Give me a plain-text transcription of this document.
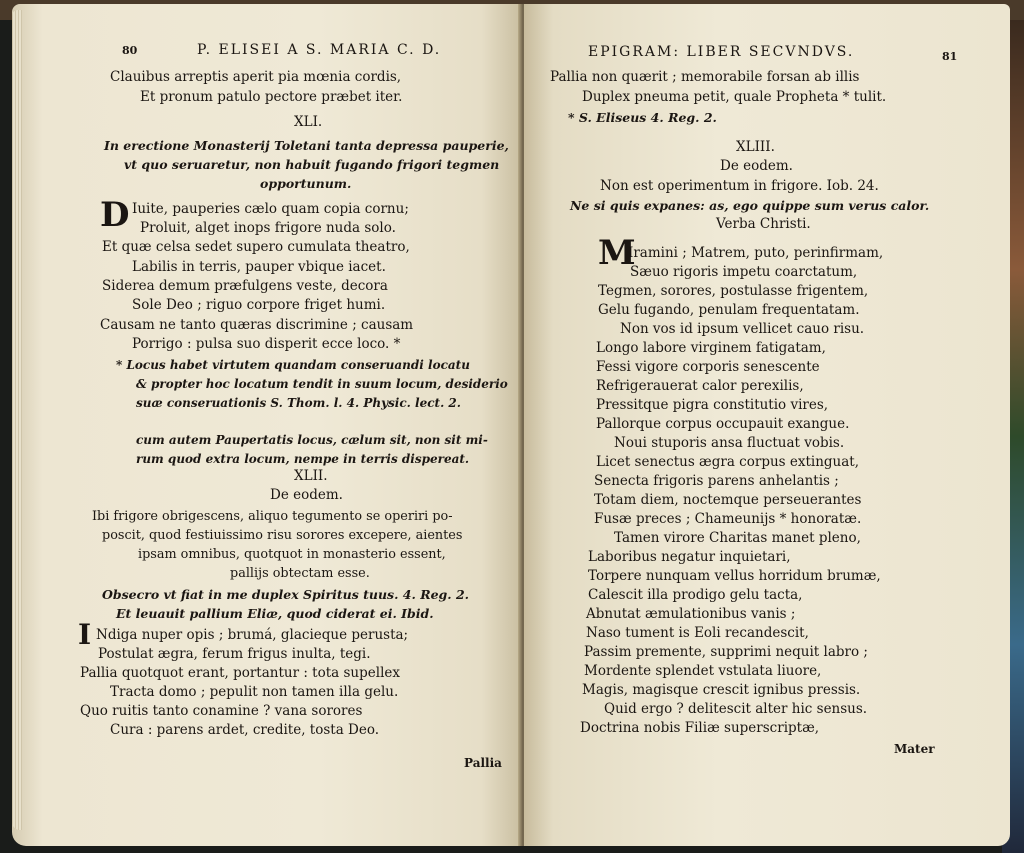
80	P. ELISEI A S. MARIA C. D.
Clauibus arreptis aperit pia mœnia cordis,
Et pronum patulo pectore præbet iter.
XLI.
In erectione Monasterij Toletani tanta depressa pauperie,
vt quo seruaretur, non habuit fugando frigori tegmen
opportunum.
D Iuite, pauperies cælo quam copia cornu;
Proluit, alget inops frigore nuda solo.
Et quæ celsa sedet supero cumulata theatro,
Labilis in terris, pauper vbique iacet.
Siderea demum præfulgens veste, decora
Sole Deo ; riguo corpore friget humi.
Causam ne tanto quæras discrimine ; causam
Porrigo : pulsa suo disperit ecce loco. *
* Locus habet virtutem quandam conseruandi locatu
& propter hoc locatum tendit in suum locum, desiderio suæ conseruationis S. Thom. l. 4. Physic. lect. 2.
cum autem Paupertatis locus, cælum sit, non sit mi-
rum quod extra locum, nempe in terris dispereat.
XLII.
De eodem.
Ibi frigore obrigescens, aliquo tegumento se operiri po-
poscit, quod festiuissimo risu sorores excepere, aientes
ipsam omnibus, quotquot in monasterio essent,
pallijs obtectam esse.
Obsecro vt fiat in me duplex Spiritus tuus. 4. Reg. 2.
Et leuauit pallium Eliæ, quod ciderat ei. Ibid.
I Ndiga nuper opis ; brumá, glacieque perusta;
Postulat ægra, ferum frigus inulta, tegi.
Pallia quotquot erant, portantur : tota supellex
Tracta domo ; pepulit non tamen illa gelu.
Quo ruitis tanto conamine ? vana sorores
Cura : parens ardet, credite, tosta Deo.
Pallia
EPIGRAM: LIBER SECVNDVS.	81
Pallia non quærit ; memorabile forsan ab illis
Duplex pneuma petit, quale Propheta * tulit.
* S. Eliseus 4. Reg. 2.
XLIII.
De eodem.
Non est operimentum in frigore. Iob. 24.
Ne si quis expanes: as, ego quippe sum verus calor.
Verba Christi.
M
Iramini ; Matrem, puto, perinfirmam,
Sæuo rigoris impetu coarctatum,
Tegmen, sorores, postulasse frigentem,
Gelu fugando, penulam frequentatam.
Non vos id ipsum vellicet cauo risu.
Longo labore virginem fatigatam,
Fessi vigore corporis senescente
Refrigerauerat calor perexilis,
Pressitque pigra constitutio vires,
Pallorque corpus occupauit exangue.
Noui stuporis ansa fluctuat vobis.
Licet senectus ægra corpus extinguat,
Senecta frigoris parens anhelantis ;
Totam diem, noctemque perseuerantes
Fusæ preces ; Chameunijs * honoratæ.
Tamen virore Charitas manet pleno,
Laboribus negatur inquietari,
Torpere nunquam vellus horridum brumæ,
Calescit illa prodigo gelu tacta,
Abnutat æmulationibus vanis ;
Naso tument is Eoli recandescit,
Passim premente, supprimi nequit labro ;
Mordente splendet vstulata liuore,
Magis, magisque crescit ignibus pressis.
Quid ergo ? delitescit alter hic sensus.
Doctrina nobis Filiæ superscriptæ,
Mater
